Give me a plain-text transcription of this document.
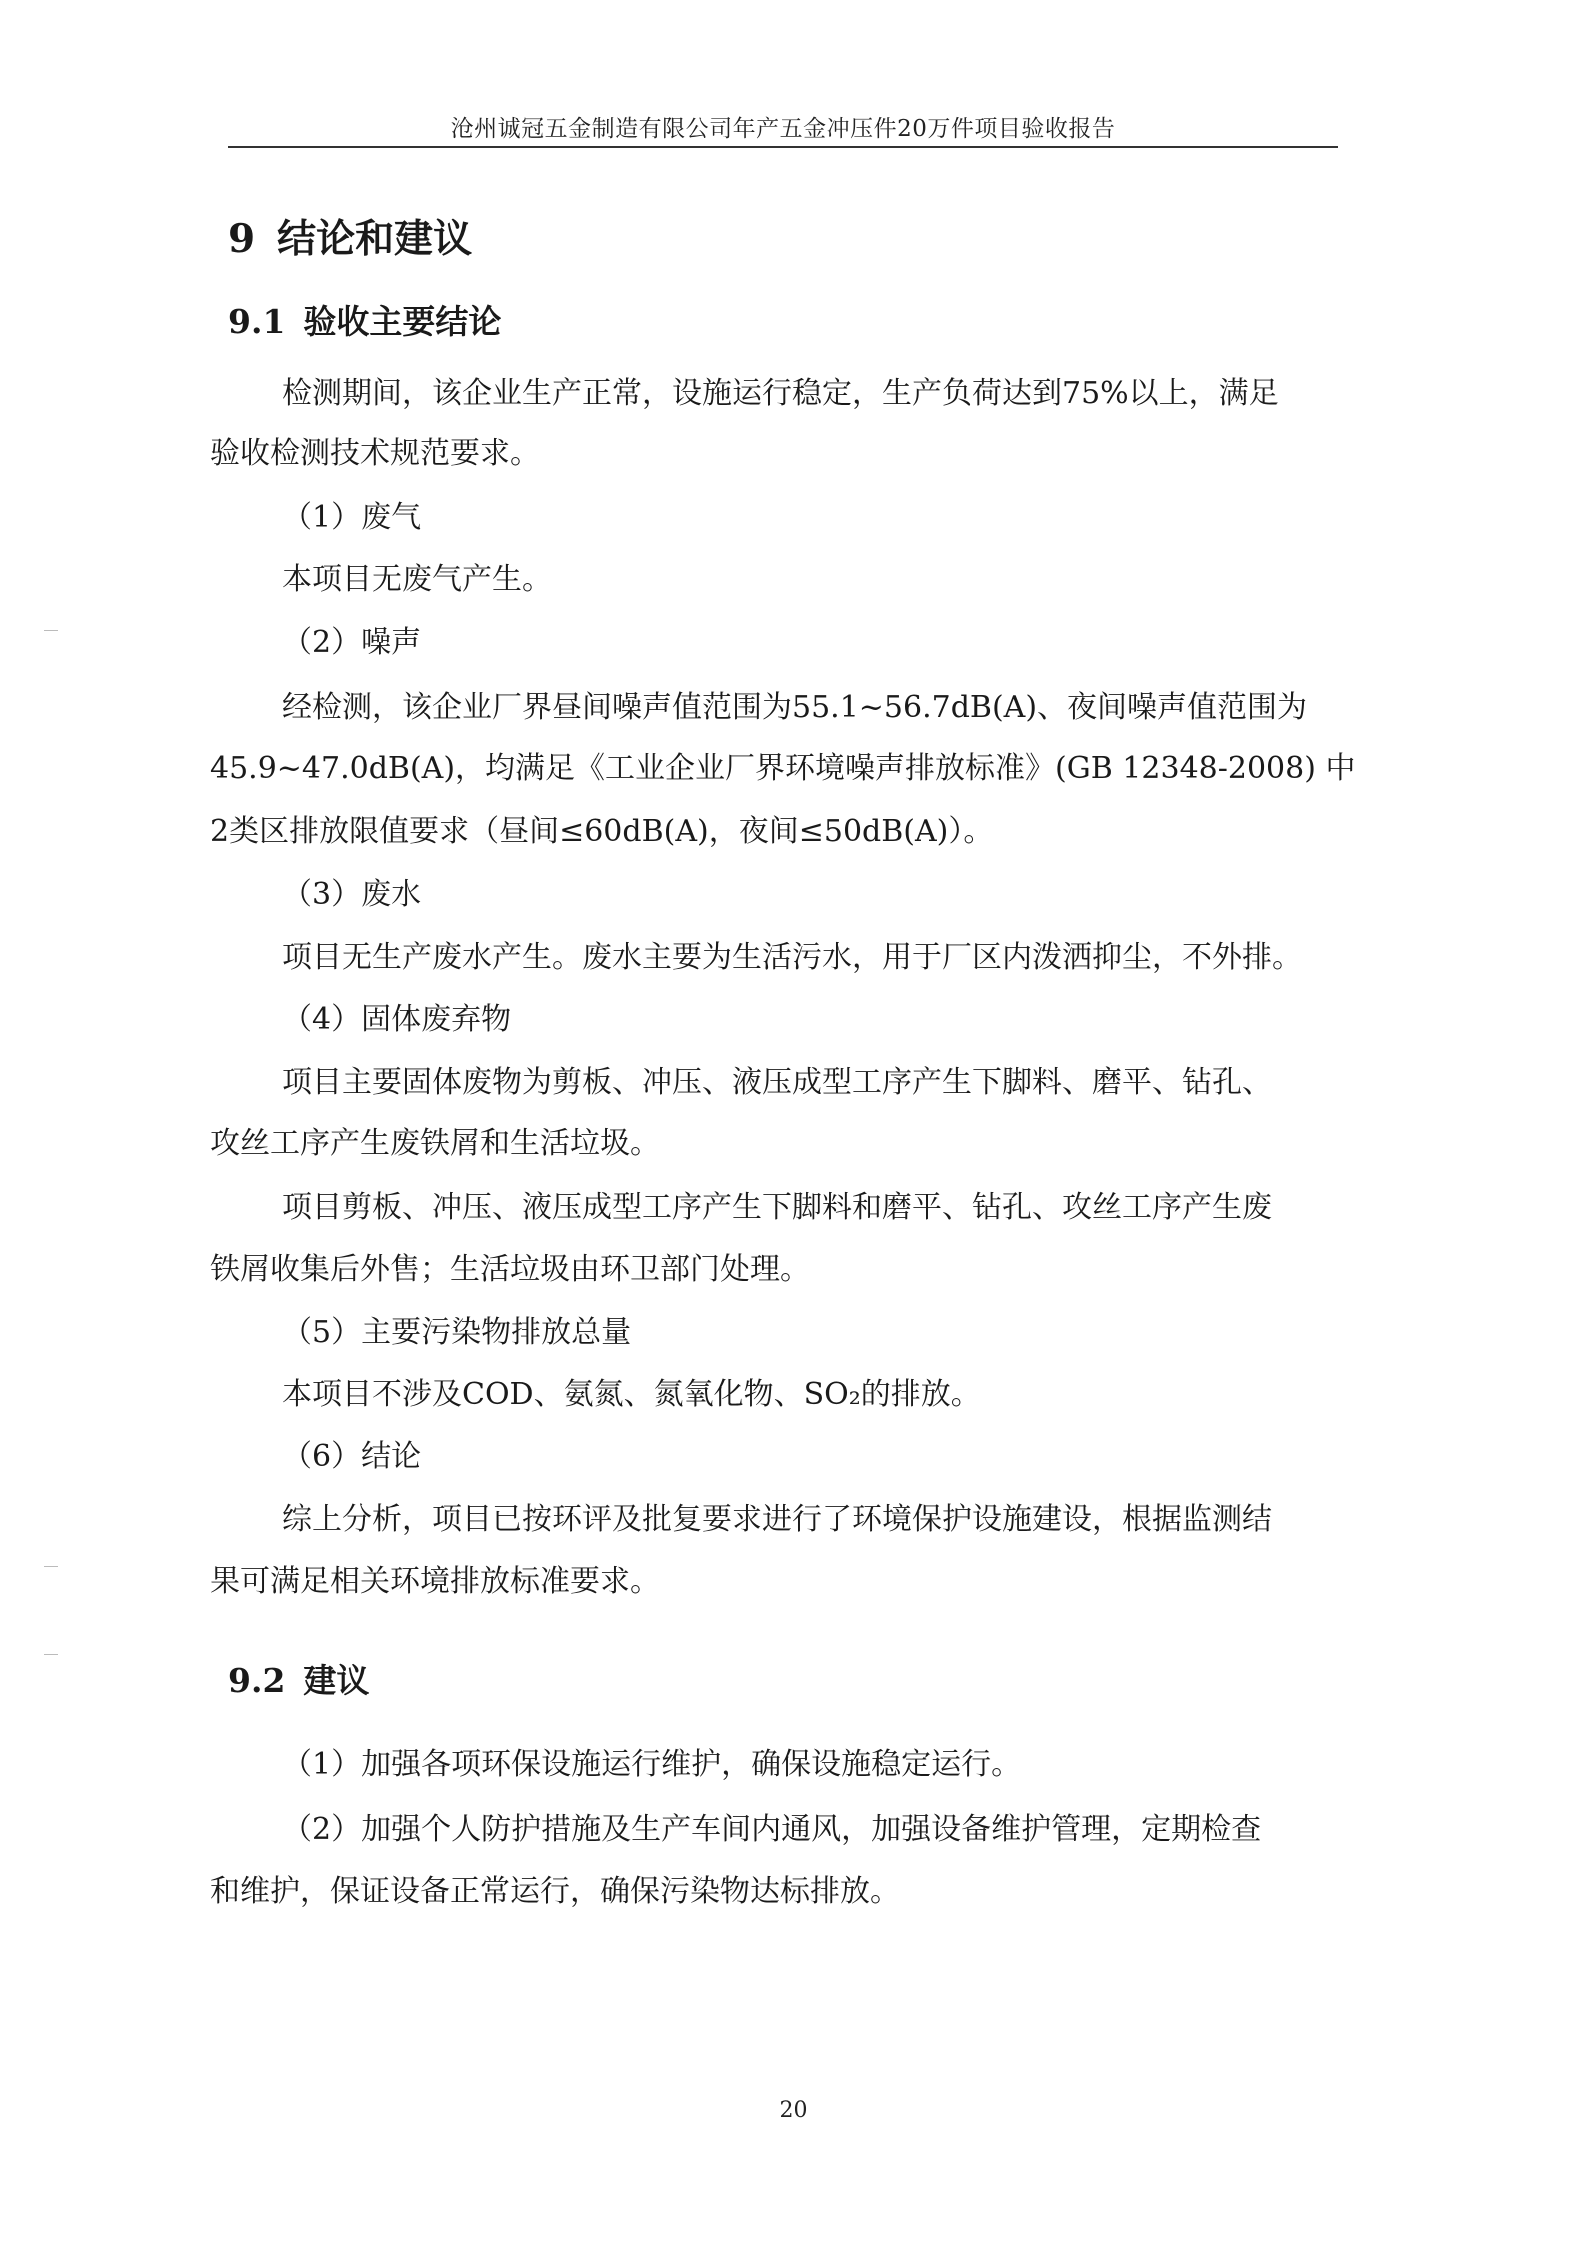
沧州诚冠五金制造有限公司年产五金冲压件20万件项目验收报告
9 结论和建议
9.1 验收主要结论
检测期间，该企业生产正常，设施运行稳定，生产负荷达到75%以上，满足
验收检测技术规范要求。
（1）废气
本项目无废气产生。
（2）噪声
经检测，该企业厂界昼间噪声值范围为55.1~56.7dB(A)、夜间噪声值范围为
45.9~47.0dB(A)，均满足《工业企业厂界环境噪声排放标准》(GB 12348-2008) 中
2类区排放限值要求（昼间≤60dB(A)，夜间≤50dB(A)）。
（3）废水
项目无生产废水产生。废水主要为生活污水，用于厂区内泼洒抑尘，不外排。
（4）固体废弃物
项目主要固体废物为剪板、冲压、液压成型工序产生下脚料、磨平、钻孔、
攻丝工序产生废铁屑和生活垃圾。
项目剪板、冲压、液压成型工序产生下脚料和磨平、钻孔、攻丝工序产生废
铁屑收集后外售；生活垃圾由环卫部门处理。
（5）主要污染物排放总量
本项目不涉及COD、氨氮、氮氧化物、SO₂的排放。
（6）结论
综上分析，项目已按环评及批复要求进行了环境保护设施建设，根据监测结
果可满足相关环境排放标准要求。
9.2 建议
（1）加强各项环保设施运行维护，确保设施稳定运行。
（2）加强个人防护措施及生产车间内通风，加强设备维护管理，定期检查
和维护，保证设备正常运行，确保污染物达标排放。
20
